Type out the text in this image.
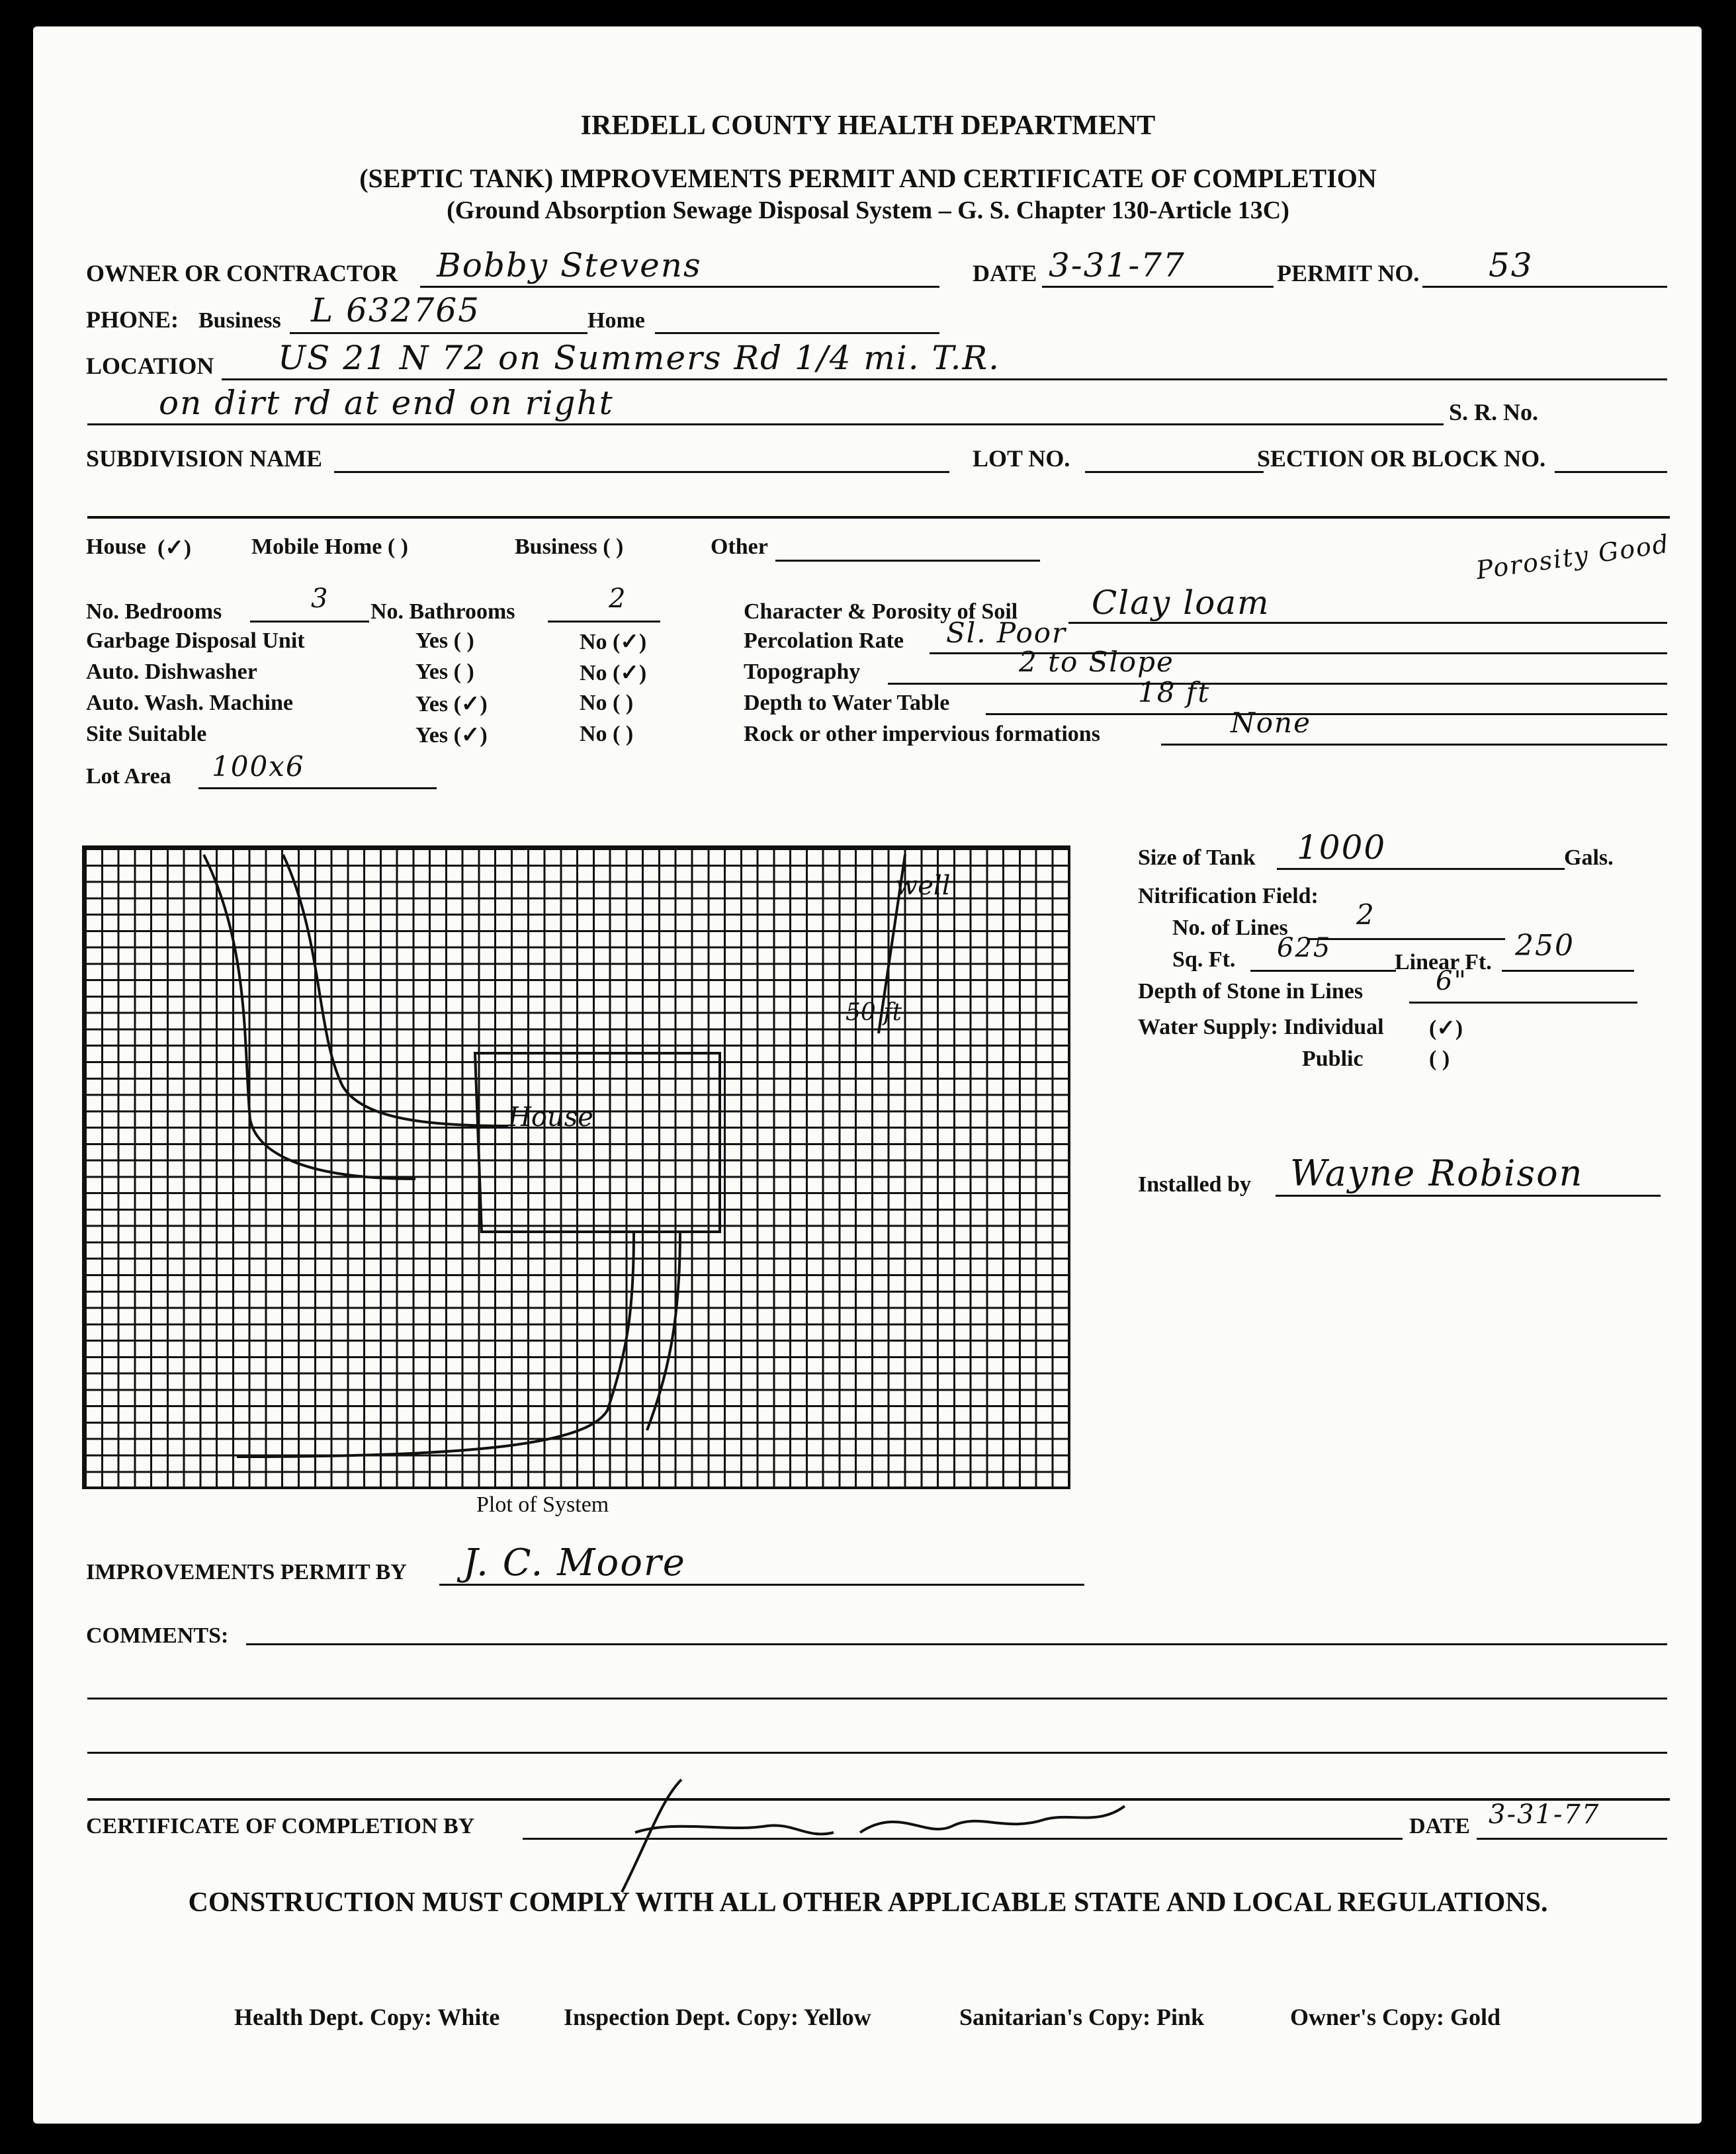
IREDELL COUNTY HEALTH DEPARTMENT
(SEPTIC TANK) IMPROVEMENTS PERMIT AND CERTIFICATE OF COMPLETION
(Ground Absorption Sewage Disposal System – G. S. Chapter 130-Article 13C)
OWNER OR CONTRACTOR Bobby Stevens	DATE 3-31-77	PERMIT NO. 53
PHONE: Business L 632765	Home
LOCATION US 21 N 72 on Summers Rd 1/4 mi. T.R.
on dirt rd at end on right	S. R. No.
SUBDIVISION NAME	LOT NO.	SECTION OR BLOCK NO.
House (✓)	Mobile Home ( )	Business ( )	Other
No. Bedrooms	3 No. Bathrooms	2
Garbage Disposal Unit	Yes ( )	No (✓)
Auto. Dishwasher	Yes ( )	No (✓)
Auto. Wash. Machine	Yes (✓)	No ( )
Site Suitable	Yes (✓)	No ( )
Lot Area 100x6
Porosity Good
Character & Porosity of Soil Clay loam
Percolation Rate Sl. Poor
Topography	2 to Slope
Depth to Water Table	18 ft
Rock or other impervious formations	None
well
50 ft
House
Plot of System
Size of Tank 1000	Gals.
Nitrification Field:
No. of Lines 2
Sq. Ft. 625	Linear Ft. 250
Depth of Stone in Lines	6"
Water Supply: Individual (✓)
Public	( )
Installed by Wayne Robison
IMPROVEMENTS PERMIT BY J. C. Moore
COMMENTS:
CERTIFICATE OF COMPLETION BY	DATE 3-31-77
CONSTRUCTION MUST COMPLY WITH ALL OTHER APPLICABLE STATE AND LOCAL REGULATIONS.
Health Dept. Copy: White	Inspection Dept. Copy: Yellow	Sanitarian's Copy: Pink	Owner's Copy: Gold
